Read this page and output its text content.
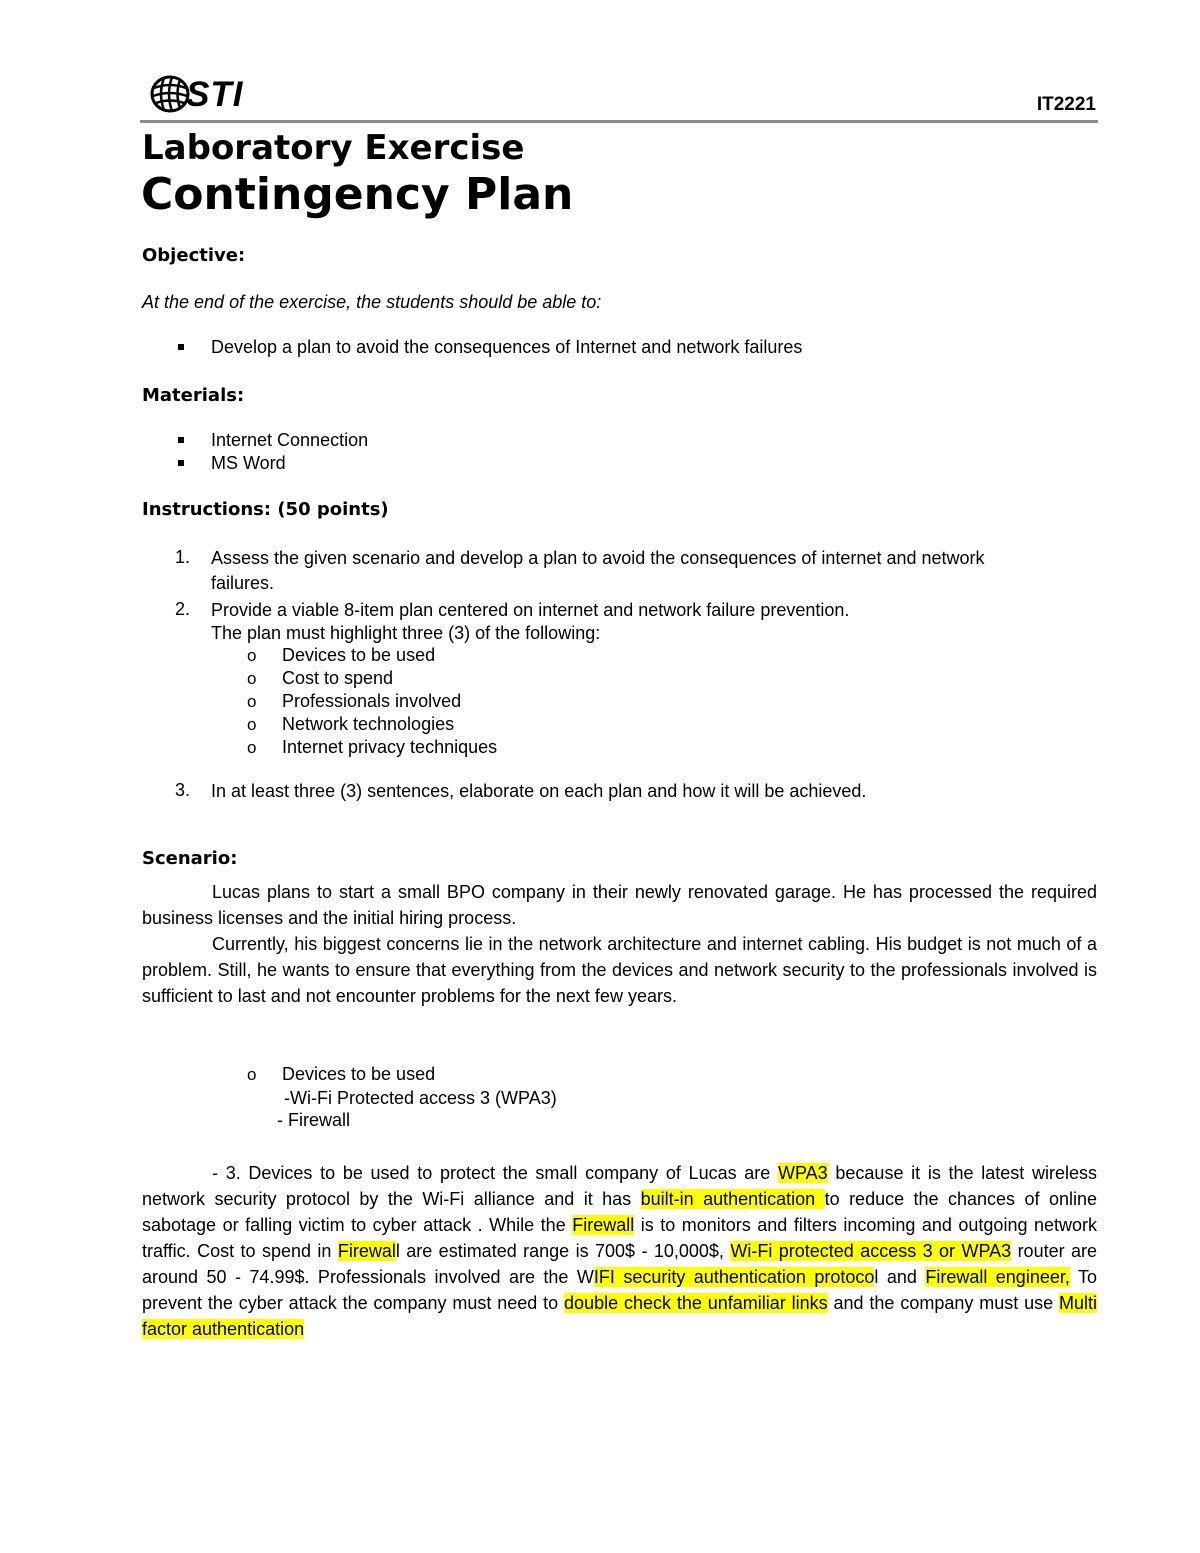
STI	IT2221
Laboratory Exercise
Contingency Plan
Objective:
At the end of the exercise, the students should be able to:
Develop a plan to avoid the consequences of Internet and network failures
Materials:
Internet Connection
MS Word
Instructions: (50 points)
1. Assess the given scenario and develop a plan to avoid the consequences of internet and network
failures.
2. Provide a viable 8-item plan centered on internet and network failure prevention.
The plan must highlight three (3) of the following:
o Devices to be used
o Cost to spend
o Professionals involved
o Network technologies
o Internet privacy techniques
3. In at least three (3) sentences, elaborate on each plan and how it will be achieved.
Scenario:
Lucas plans to start a small BPO company in their newly renovated garage. He has processed the required business licenses and the initial hiring process.
Currently, his biggest concerns lie in the network architecture and internet cabling. His budget is not much of a problem. Still, he wants to ensure that everything from the devices and network security to the professionals involved is sufficient to last and not encounter problems for the next few years.
o Devices to be used
-Wi-Fi Protected access 3 (WPA3)
- Firewall
- 3. Devices to be used to protect the small company of Lucas are WPA3 because it is the latest wireless network security protocol by the Wi-Fi alliance and it has built-in authentication to reduce the chances of online sabotage or falling victim to cyber attack . While the Firewall is to monitors and filters incoming and outgoing network traffic. Cost to spend in Firewall are estimated range is 700$ - 10,000$, Wi-Fi protected access 3 or WPA3 router are around 50 - 74.99$. Professionals involved are the WIFI security authentication protocol and Firewall engineer, To prevent the cyber attack the company must need to double check the unfamiliar links and the company must use Multi factor authentication
